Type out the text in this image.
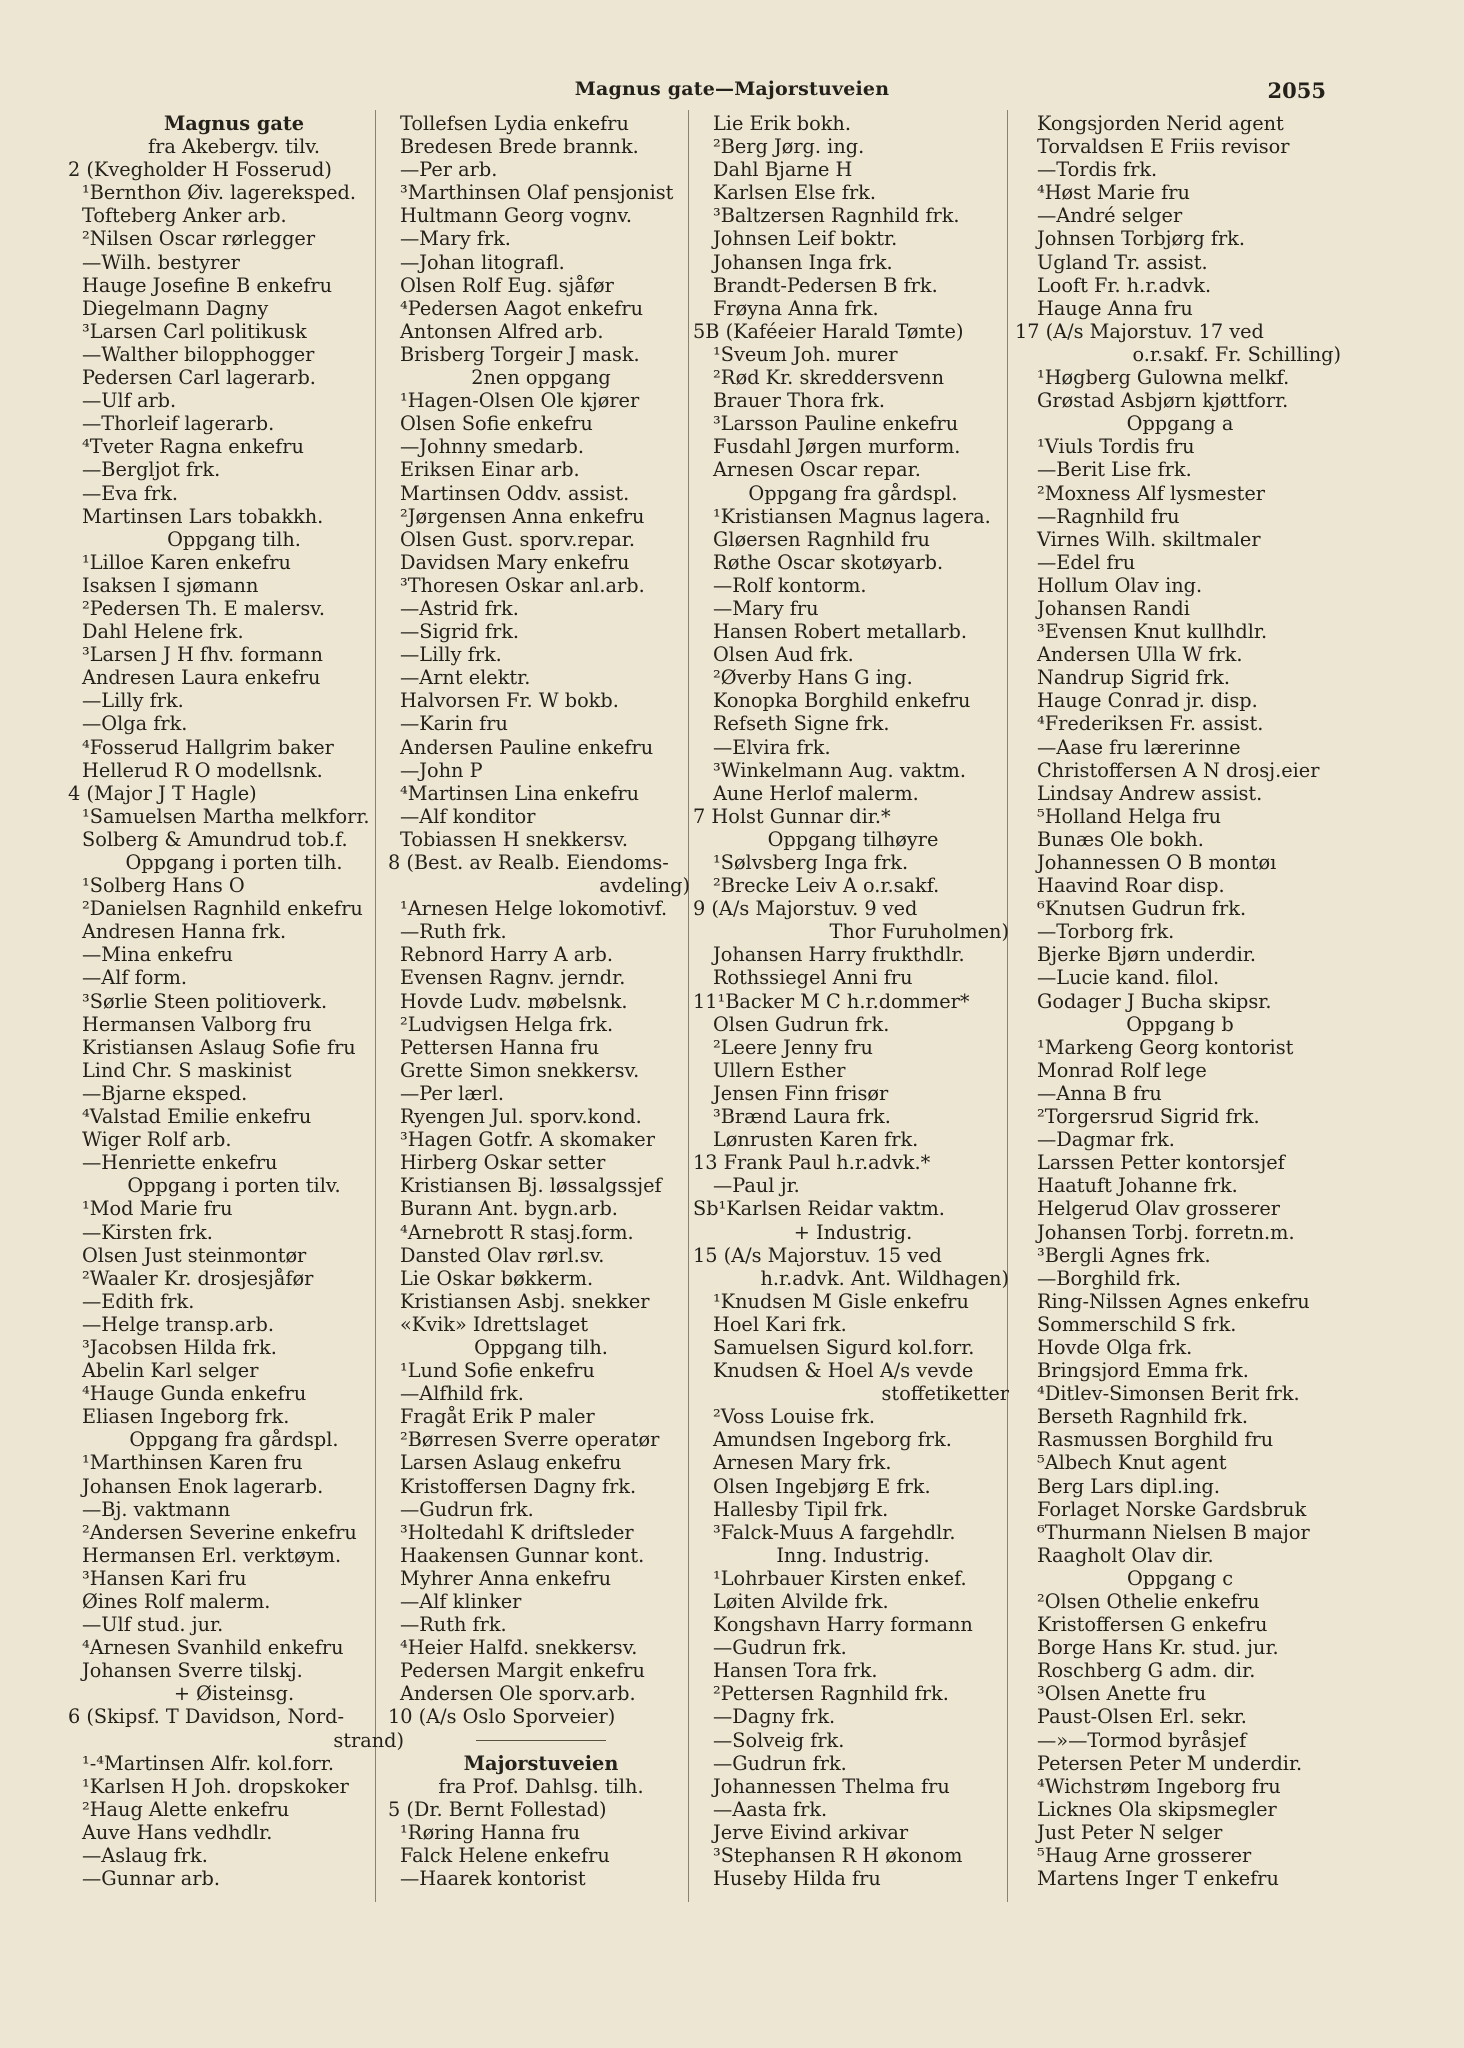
Magnus gate—Majorstuveien	2055
Magnus gate
fra Akebergv. tilv.
2 (Kvegholder H Fosserud)
¹Bernthon Øiv. lagereksped.
Tofteberg Anker arb.
²Nilsen Oscar rørlegger
—Wilh. bestyrer
Hauge Josefine B enkefru
Diegelmann Dagny
³Larsen Carl politikusk
—Walther bilopphogger
Pedersen Carl lagerarb.
—Ulf arb.
—Thorleif lagerarb.
⁴Tveter Ragna enkefru
—Bergljot frk.
—Eva frk.
Martinsen Lars tobakkh.
Oppgang tilh.
¹Lilloe Karen enkefru
Isaksen I sjømann
²Pedersen Th. E malersv.
Dahl Helene frk.
³Larsen J H fhv. formann
Andresen Laura enkefru
—Lilly frk.
—Olga frk.
⁴Fosserud Hallgrim baker
Hellerud R O modellsnk.
4 (Major J T Hagle)
¹Samuelsen Martha melkforr.
Solberg & Amundrud tob.f.
Oppgang i porten tilh.
¹Solberg Hans O
²Danielsen Ragnhild enkefru
Andresen Hanna frk.
—Mina enkefru
—Alf form.
³Sørlie Steen politioverk.
Hermansen Valborg fru
Kristiansen Aslaug Sofie fru
Lind Chr. S maskinist
—Bjarne eksped.
⁴Valstad Emilie enkefru
Wiger Rolf arb.
—Henriette enkefru
Oppgang i porten tilv.
¹Mod Marie fru
—Kirsten frk.
Olsen Just steinmontør
²Waaler Kr. drosjesjåfør
—Edith frk.
—Helge transp.arb.
³Jacobsen Hilda frk.
Abelin Karl selger
⁴Hauge Gunda enkefru
Eliasen Ingeborg frk.
Oppgang fra gårdspl.
¹Marthinsen Karen fru
Johansen Enok lagerarb.
—Bj. vaktmann
²Andersen Severine enkefru
Hermansen Erl. verktøym.
³Hansen Kari fru
Øines Rolf malerm.
—Ulf stud. jur.
⁴Arnesen Svanhild enkefru
Johansen Sverre tilskj.
+ Øisteinsg.
6 (Skipsf. T Davidson, Nord-
strand)
¹-⁴Martinsen Alfr. kol.forr.
¹Karlsen H Joh. dropskoker
²Haug Alette enkefru
Auve Hans vedhdlr.
—Aslaug frk.
—Gunnar arb.
Tollefsen Lydia enkefru
Bredesen Brede brannk.
—Per arb.
³Marthinsen Olaf pensjonist
Hultmann Georg vognv.
—Mary frk.
—Johan litografl.
Olsen Rolf Eug. sjåfør
⁴Pedersen Aagot enkefru
Antonsen Alfred arb.
Brisberg Torgeir J mask.
2nen oppgang
¹Hagen-Olsen Ole kjører
Olsen Sofie enkefru
—Johnny smedarb.
Eriksen Einar arb.
Martinsen Oddv. assist.
²Jørgensen Anna enkefru
Olsen Gust. sporv.repar.
Davidsen Mary enkefru
³Thoresen Oskar anl.arb.
—Astrid frk.
—Sigrid frk.
—Lilly frk.
—Arnt elektr.
Halvorsen Fr. W bokb.
—Karin fru
Andersen Pauline enkefru
—John P
⁴Martinsen Lina enkefru
—Alf konditor
Tobiassen H snekkersv.
8 (Best. av Realb. Eiendoms-
avdeling)
¹Arnesen Helge lokomotivf.
—Ruth frk.
Rebnord Harry A arb.
Evensen Ragnv. jerndr.
Hovde Ludv. møbelsnk.
²Ludvigsen Helga frk.
Pettersen Hanna fru
Grette Simon snekkersv.
—Per lærl.
Ryengen Jul. sporv.kond.
³Hagen Gotfr. A skomaker
Hirberg Oskar setter
Kristiansen Bj. løssalgssjef
Burann Ant. bygn.arb.
⁴Arnebrott R stasj.form.
Dansted Olav rørl.sv.
Lie Oskar bøkkerm.
Kristiansen Asbj. snekker
«Kvik» Idrettslaget
Oppgang tilh.
¹Lund Sofie enkefru
—Alfhild frk.
Fragåt Erik P maler
²Børresen Sverre operatør
Larsen Aslaug enkefru
Kristoffersen Dagny frk.
—Gudrun frk.
³Holtedahl K driftsleder
Haakensen Gunnar kont.
Myhrer Anna enkefru
—Alf klinker
—Ruth frk.
⁴Heier Halfd. snekkersv.
Pedersen Margit enkefru
Andersen Ole sporv.arb.
10 (A/s Oslo Sporveier)
Majorstuveien
fra Prof. Dahlsg. tilh.
5 (Dr. Bernt Follestad)
¹Røring Hanna fru
Falck Helene enkefru
—Haarek kontorist
Lie Erik bokh.
²Berg Jørg. ing.
Dahl Bjarne H
Karlsen Else frk.
³Baltzersen Ragnhild frk.
Johnsen Leif boktr.
Johansen Inga frk.
Brandt-Pedersen B frk.
Frøyna Anna frk.
5B (Kaféeier Harald Tømte)
¹Sveum Joh. murer
²Rød Kr. skreddersvenn
Brauer Thora frk.
³Larsson Pauline enkefru
Fusdahl Jørgen murform.
Arnesen Oscar repar.
Oppgang fra gårdspl.
¹Kristiansen Magnus lagera.
Gløersen Ragnhild fru
Røthe Oscar skotøyarb.
—Rolf kontorm.
—Mary fru
Hansen Robert metallarb.
Olsen Aud frk.
²Øverby Hans G ing.
Konopka Borghild enkefru
Refseth Signe frk.
—Elvira frk.
³Winkelmann Aug. vaktm.
Aune Herlof malerm.
7 Holst Gunnar dir.*
Oppgang tilhøyre
¹Sølvsberg Inga frk.
²Brecke Leiv A o.r.sakf.
9 (A/s Majorstuv. 9 ved
Thor Furuholmen)
Johansen Harry frukthdlr.
Rothssiegel Anni fru
11¹Backer M C h.r.dommer*
Olsen Gudrun frk.
²Leere Jenny fru
Ullern Esther
Jensen Finn frisør
³Brænd Laura frk.
Lønrusten Karen frk.
13 Frank Paul h.r.advk.*
—Paul jr.
Sb¹Karlsen Reidar vaktm.
+ Industrig.
15 (A/s Majorstuv. 15 ved
h.r.advk. Ant. Wildhagen)
¹Knudsen M Gisle enkefru
Hoel Kari frk.
Samuelsen Sigurd kol.forr.
Knudsen & Hoel A/s vevde
stoffetiketter
²Voss Louise frk.
Amundsen Ingeborg frk.
Arnesen Mary frk.
Olsen Ingebjørg E frk.
Hallesby Tipil frk.
³Falck-Muus A fargehdlr.
Inng. Industrig.
¹Lohrbauer Kirsten enkef.
Løiten Alvilde frk.
Kongshavn Harry formann
—Gudrun frk.
Hansen Tora frk.
²Pettersen Ragnhild frk.
—Dagny frk.
—Solveig frk.
—Gudrun frk.
Johannessen Thelma fru
—Aasta frk.
Jerve Eivind arkivar
³Stephansen R H økonom
Huseby Hilda fru
Kongsjorden Nerid agent
Torvaldsen E Friis revisor
—Tordis frk.
⁴Høst Marie fru
—André selger
Johnsen Torbjørg frk.
Ugland Tr. assist.
Looft Fr. h.r.advk.
Hauge Anna fru
17 (A/s Majorstuv. 17 ved
o.r.sakf. Fr. Schilling)
¹Høgberg Gulowna melkf.
Grøstad Asbjørn kjøttforr.
Oppgang a
¹Viuls Tordis fru
—Berit Lise frk.
²Moxness Alf lysmester
—Ragnhild fru
Virnes Wilh. skiltmaler
—Edel fru
Hollum Olav ing.
Johansen Randi
³Evensen Knut kullhdlr.
Andersen Ulla W frk.
Nandrup Sigrid frk.
Hauge Conrad jr. disp.
⁴Frederiksen Fr. assist.
—Aase fru lærerinne
Christoffersen A N drosj.eier
Lindsay Andrew assist.
⁵Holland Helga fru
Bunæs Ole bokh.
Johannessen O B montøı
Haavind Roar disp.
⁶Knutsen Gudrun frk.
—Torborg frk.
Bjerke Bjørn underdir.
—Lucie kand. filol.
Godager J Bucha skipsr.
Oppgang b
¹Markeng Georg kontorist
Monrad Rolf lege
—Anna B fru
²Torgersrud Sigrid frk.
—Dagmar frk.
Larssen Petter kontorsjef
Haatuft Johanne frk.
Helgerud Olav grosserer
Johansen Torbj. forretn.m.
³Bergli Agnes frk.
—Borghild frk.
Ring-Nilssen Agnes enkefru
Sommerschild S frk.
Hovde Olga frk.
Bringsjord Emma frk.
⁴Ditlev-Simonsen Berit frk.
Berseth Ragnhild frk.
Rasmussen Borghild fru
⁵Albech Knut agent
Berg Lars dipl.ing.
Forlaget Norske Gardsbruk
⁶Thurmann Nielsen B major
Raagholt Olav dir.
Oppgang c
²Olsen Othelie enkefru
Kristoffersen G enkefru
Borge Hans Kr. stud. jur.
Roschberg G adm. dir.
³Olsen Anette fru
Paust-Olsen Erl. sekr.
—»—Tormod byråsjef
Petersen Peter M underdir.
⁴Wichstrøm Ingeborg fru
Licknes Ola skipsmegler
Just Peter N selger
⁵Haug Arne grosserer
Martens Inger T enkefru
